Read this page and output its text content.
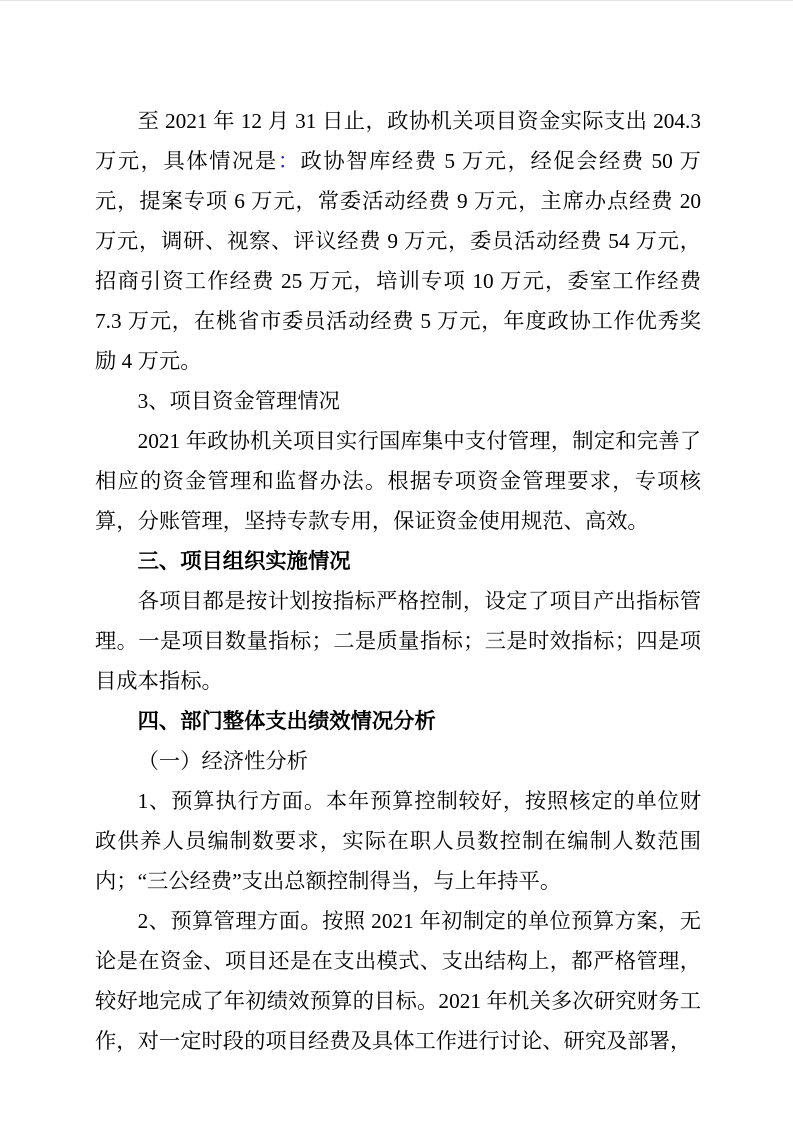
至 2021 年 12 月 31 日止，政协机关项目资金实际支出 204.3 万元，具体情况是：政协智库经费 5 万元，经促会经费 50 万元，提案专项 6 万元，常委活动经费 9 万元，主席办点经费 20 万元，调研、视察、评议经费 9 万元，委员活动经费 54 万元，招商引资工作经费 25 万元，培训专项 10 万元，委室工作经费 7.3 万元，在桃省市委员活动经费 5 万元，年度政协工作优秀奖励 4 万元。

3、项目资金管理情况

2021 年政协机关项目实行国库集中支付管理，制定和完善了相应的资金管理和监督办法。根据专项资金管理要求，专项核算，分账管理，坚持专款专用，保证资金使用规范、高效。

三、项目组织实施情况

各项目都是按计划按指标严格控制，设定了项目产出指标管理。一是项目数量指标；二是质量指标；三是时效指标；四是项目成本指标。

四、部门整体支出绩效情况分析

（一）经济性分析

1、预算执行方面。本年预算控制较好，按照核定的单位财政供养人员编制数要求，实际在职人员数控制在编制人数范围内；“三公经费”支出总额控制得当，与上年持平。

2、预算管理方面。按照 2021 年初制定的单位预算方案，无论是在资金、项目还是在支出模式、支出结构上，都严格管理，较好地完成了年初绩效预算的目标。2021 年机关多次研究财务工作，对一定时段的项目经费及具体工作进行讨论、研究及部署，
